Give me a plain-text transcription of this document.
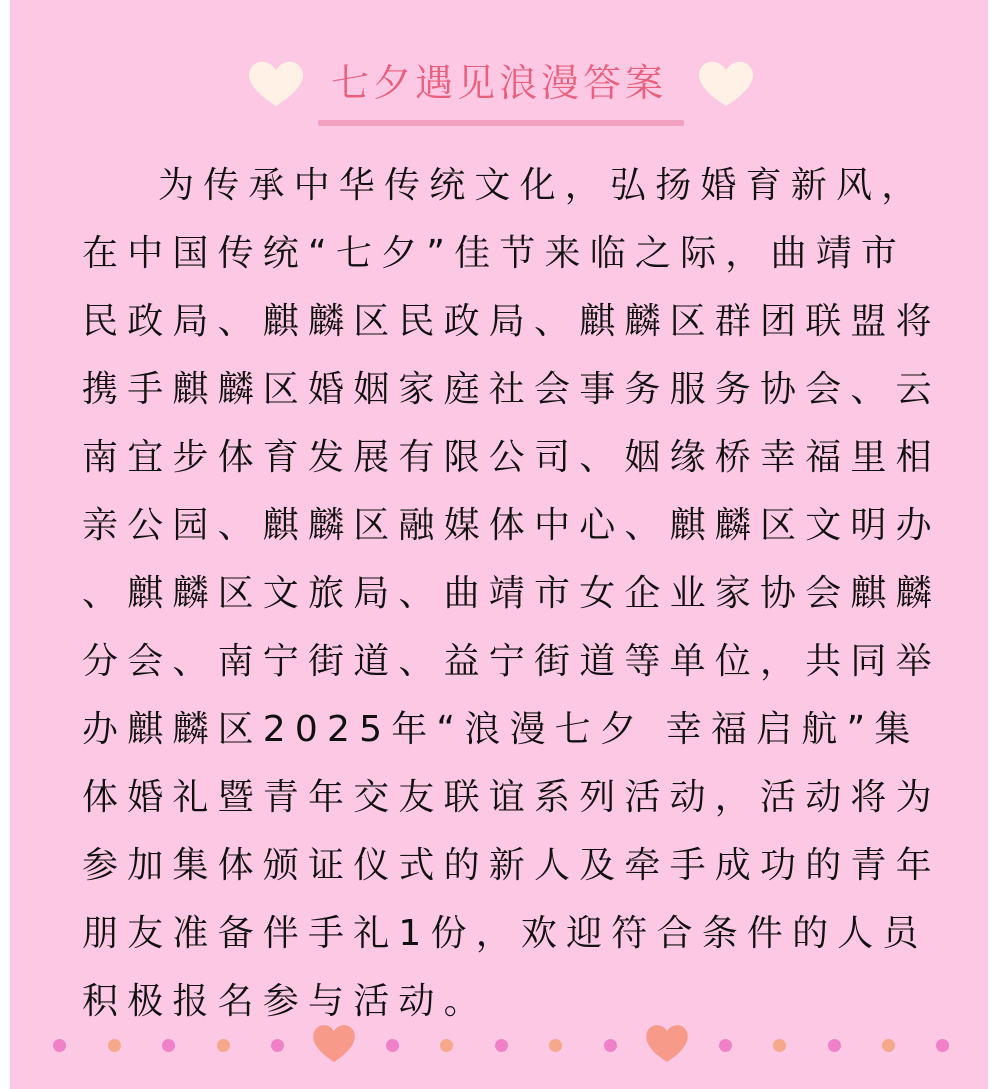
七夕遇见浪漫答案
为传承中华传统文化，弘扬婚育新风，
在中国传统“七夕”佳节来临之际，曲靖市
民政局、麒麟区民政局、麒麟区群团联盟将
携手麒麟区婚姻家庭社会事务服务协会、云
南宜步体育发展有限公司、姻缘桥幸福里相
亲公园、麒麟区融媒体中心、麒麟区文明办
、麒麟区文旅局、曲靖市女企业家协会麒麟
分会、南宁街道、益宁街道等单位，共同举
办麒麟区2025年“浪漫七夕 幸福启航”集
体婚礼暨青年交友联谊系列活动，活动将为
参加集体颁证仪式的新人及牵手成功的青年
朋友准备伴手礼1份，欢迎符合条件的人员
积极报名参与活动。
